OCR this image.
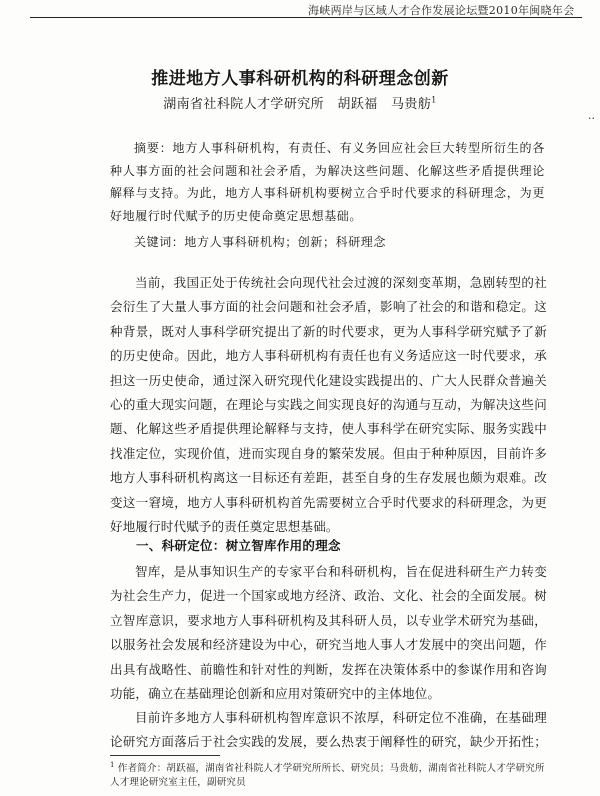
海峡两岸与区域人才合作发展论坛暨2010年闽晓年会
推进地方人事科研机构的科研理念创新
湖南省社科院人才学研究所　胡跃福　马贵舫$^1$
··

摘要：地方人事科研机构，有责任、有义务回应社会巨大转型所衍生的各种人事方面的社会问题和社会矛盾，为解决这些问题、化解这些矛盾提供理论解释与支持。为此，地方人事科研机构要树立合乎时代要求的科研理念，为更好地履行时代赋予的历史使命奠定思想基础。

关键词：地方人事科研机构；创新；科研理念

当前，我国正处于传统社会向现代社会过渡的深刻变革期，急剧转型的社会衍生了大量人事方面的社会问题和社会矛盾，影响了社会的和谐和稳定。这种背景，既对人事科学研究提出了新的时代要求，更为人事科学研究赋予了新的历史使命。因此，地方人事科研机构有责任也有义务适应这一时代要求，承担这一历史使命，通过深入研究现代化建设实践提出的、广大人民群众普遍关心的重大现实问题，在理论与实践之间实现良好的沟通与互动，为解决这些问题、化解这些矛盾提供理论解释与支持，使人事科学在研究实际、服务实践中找准定位，实现价值，进而实现自身的繁荣发展。但由于种种原因，目前许多地方人事科研机构离这一目标还有差距，甚至自身的生存发展也颇为艰难。改变这一窘境，地方人事科研机构首先需要树立合乎时代要求的科研理念，为更好地履行时代赋予的责任奠定思想基础。

一、科研定位：树立智库作用的理念

智库，是从事知识生产的专家平台和科研机构，旨在促进科研生产力转变为社会生产力，促进一个国家或地方经济、政治、文化、社会的全面发展。树立智库意识，要求地方人事科研机构及其科研人员，以专业学术研究为基础，以服务社会发展和经济建设为中心，研究当地人事人才发展中的突出问题，作出具有战略性、前瞻性和针对性的判断，发挥在决策体系中的参谋作用和咨询功能，确立在基础理论创新和应用对策研究中的主体地位。

目前许多地方人事科研机构智库意识不浓厚，科研定位不准确，在基础理论研究方面落后于社会实践的发展，要么热衷于阐释性的研究，缺少开拓性；

$^1$ 作者简介：胡跃福，湖南省社科院人才学研究所所长、研究员；马贵舫，湖南省社科院人才学研究所人才理论研究室主任，副研究员
